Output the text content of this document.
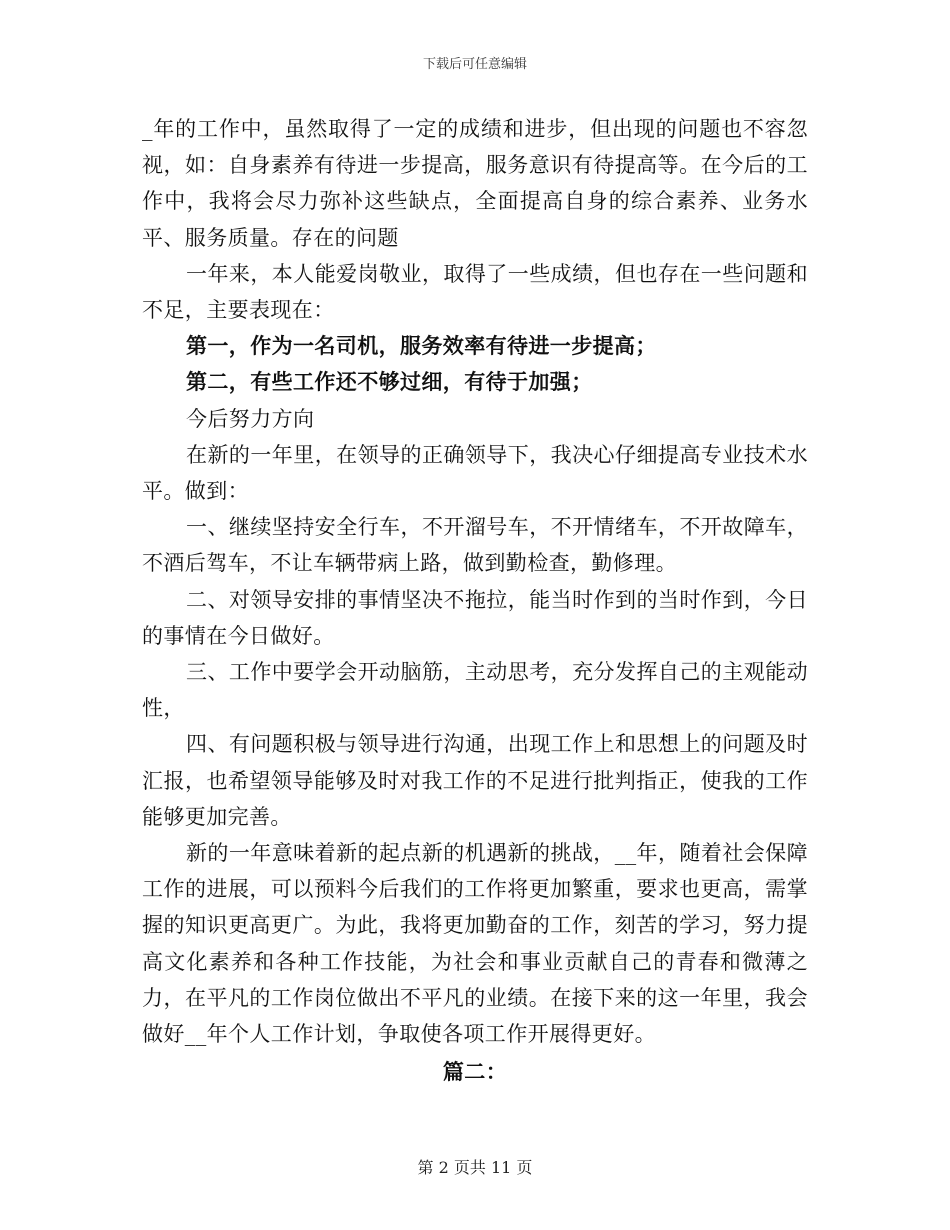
下载后可任意编辑

_年的工作中，虽然取得了一定的成绩和进步，但出现的问题也不容忽视，如：自身素养有待进一步提高，服务意识有待提高等。在今后的工作中，我将会尽力弥补这些缺点，全面提高自身的综合素养、业务水平、服务质量。存在的问题

一年来，本人能爱岗敬业，取得了一些成绩，但也存在一些问题和不足，主要表现在：

第一，作为一名司机，服务效率有待进一步提高；

第二，有些工作还不够过细，有待于加强；

今后努力方向

在新的一年里，在领导的正确领导下，我决心仔细提高专业技术水平。做到：

一、继续坚持安全行车，不开溜号车，不开情绪车，不开故障车，不酒后驾车，不让车辆带病上路，做到勤检查，勤修理。

二、对领导安排的事情坚决不拖拉，能当时作到的当时作到，今日的事情在今日做好。

三、工作中要学会开动脑筋，主动思考，充分发挥自己的主观能动性，

四、有问题积极与领导进行沟通，出现工作上和思想上的问题及时汇报，也希望领导能够及时对我工作的不足进行批判指正，使我的工作能够更加完善。

新的一年意味着新的起点新的机遇新的挑战，__年，随着社会保障工作的进展，可以预料今后我们的工作将更加繁重，要求也更高，需掌握的知识更高更广。为此，我将更加勤奋的工作，刻苦的学习，努力提高文化素养和各种工作技能，为社会和事业贡献自己的青春和微薄之力，在平凡的工作岗位做出不平凡的业绩。在接下来的这一年里，我会做好__年个人工作计划，争取使各项工作开展得更好。

篇二：

第 2 页共 11 页
